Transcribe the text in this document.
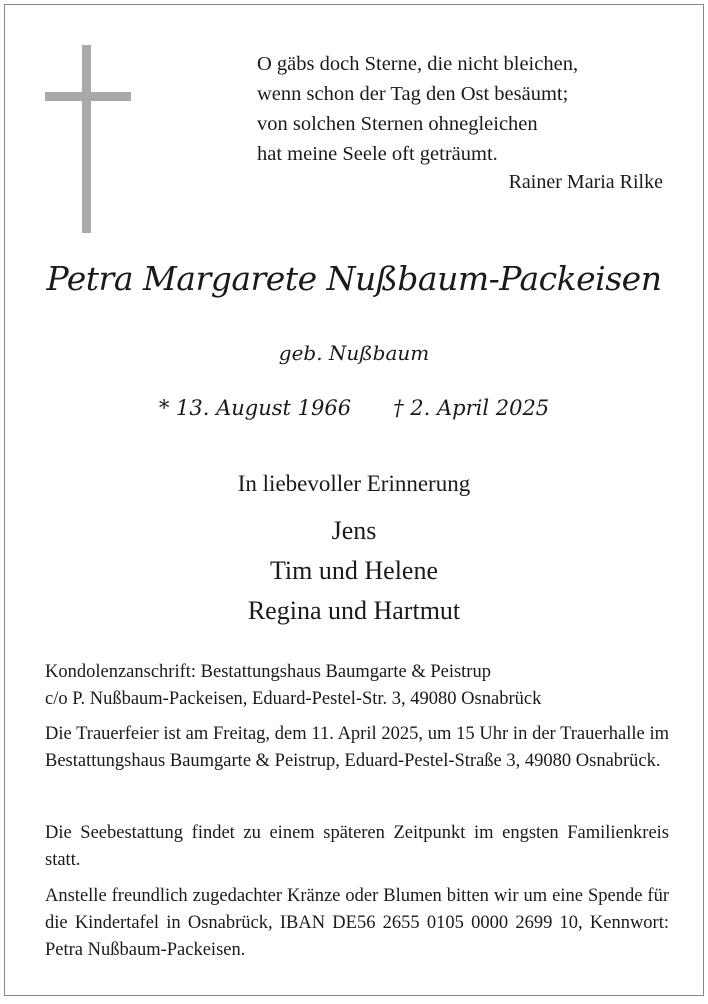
O gäbs doch Sterne, die nicht bleichen,
wenn schon der Tag den Ost besäumt;
von solchen Sternen ohnegleichen
hat meine Seele oft geträumt.
Rainer Maria Rilke
Petra Margarete Nußbaum-Packeisen
geb. Nußbaum
* 13. August 1966 † 2. April 2025
In liebevoller Erinnerung
Jens
Tim und Helene
Regina und Hartmut
Kondolenzanschrift: Bestattungshaus Baumgarte & Peistrup
c/o P. Nußbaum-Packeisen, Eduard-Pestel-Str. 3, 49080 Osnabrück

Die Trauerfeier ist am Freitag, dem 11. April 2025, um 15 Uhr in der Trauerhalle im Bestattungshaus Baumgarte & Peistrup, Eduard-Pestel-Straße 3, 49080 Osnabrück.

Die Seebestattung findet zu einem späteren Zeitpunkt im engsten Familienkreis statt.

Anstelle freundlich zugedachter Kränze oder Blumen bitten wir um eine Spende für die Kindertafel in Osnabrück, IBAN DE56 2655 0105 0000 2699 10, Kennwort: Petra Nußbaum-Packeisen.
